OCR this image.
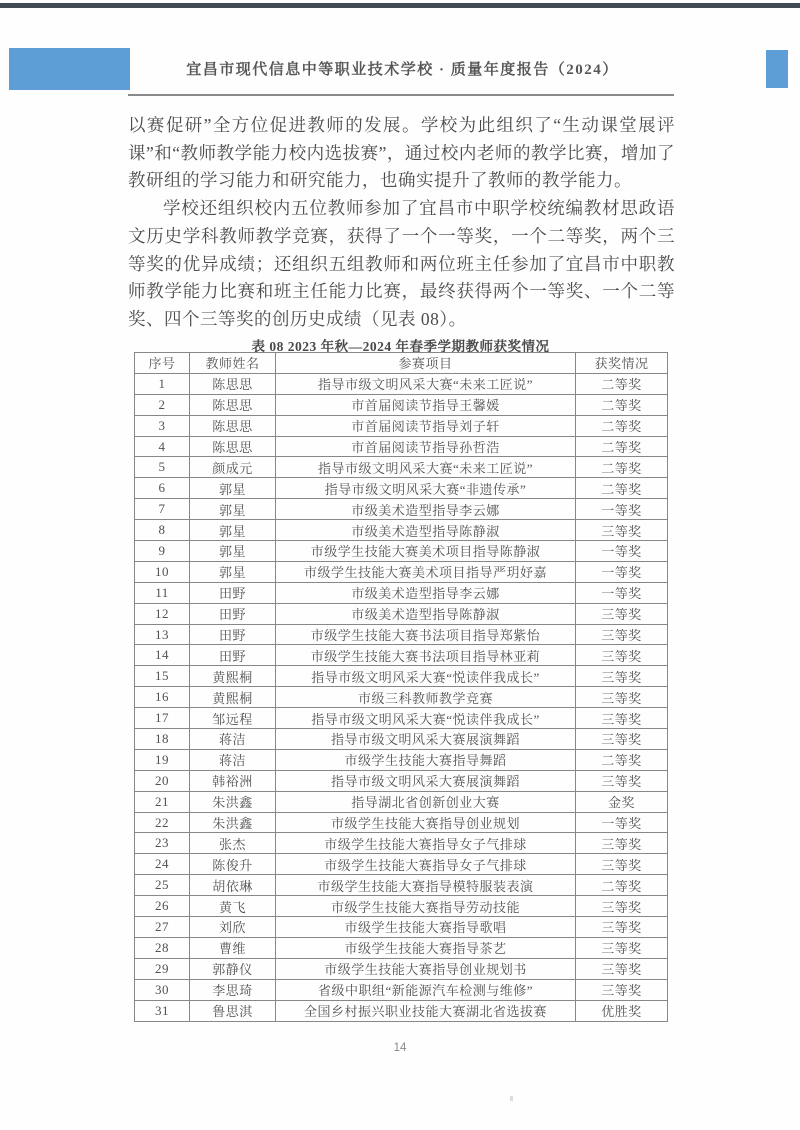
宜昌市现代信息中等职业技术学校 · 质量年度报告（2024）

以赛促研”全方位促进教师的发展。学校为此组织了“生动课堂展评课”和“教师教学能力校内选拔赛”，通过校内老师的教学比赛，增加了教研组的学习能力和研究能力，也确实提升了教师的教学能力。

学校还组织校内五位教师参加了宜昌市中职学校统编教材思政语文历史学科教师教学竞赛，获得了一个一等奖，一个二等奖，两个三等奖的优异成绩；还组织五组教师和两位班主任参加了宜昌市中职教师教学能力比赛和班主任能力比赛，最终获得两个一等奖、一个二等奖、四个三等奖的创历史成绩（见表 08）。

表 08 2023 年秋—2024 年春季学期教师获奖情况
序号	教师姓名	参赛项目	获奖情况
1	陈思思	指导市级文明风采大赛“未来工匠说”	二等奖
2	陈思思	市首届阅读节指导王馨媛	二等奖
3	陈思思	市首届阅读节指导刘子轩	二等奖
4	陈思思	市首届阅读节指导孙哲浩	二等奖
5	颜成元	指导市级文明风采大赛“未来工匠说”	二等奖
6	郭星	指导市级文明风采大赛“非遗传承”	二等奖
7	郭星	市级美术造型指导李云娜	一等奖
8	郭星	市级美术造型指导陈静淑	三等奖
9	郭星	市级学生技能大赛美术项目指导陈静淑	一等奖
10	郭星	市级学生技能大赛美术项目指导严玥妤嘉	一等奖
11	田野	市级美术造型指导李云娜	一等奖
12	田野	市级美术造型指导陈静淑	三等奖
13	田野	市级学生技能大赛书法项目指导郑紫怡	三等奖
14	田野	市级学生技能大赛书法项目指导林亚莉	三等奖
15	黄熙桐	指导市级文明风采大赛“悦读伴我成长”	三等奖
16	黄熙桐	市级三科教师教学竞赛	三等奖
17	邹远程	指导市级文明风采大赛“悦读伴我成长”	三等奖
18	蒋洁	指导市级文明风采大赛展演舞蹈	三等奖
19	蒋洁	市级学生技能大赛指导舞蹈	二等奖
20	韩裕洲	指导市级文明风采大赛展演舞蹈	三等奖
21	朱洪鑫	指导湖北省创新创业大赛	金奖
22	朱洪鑫	市级学生技能大赛指导创业规划	一等奖
23	张杰	市级学生技能大赛指导女子气排球	三等奖
24	陈俊升	市级学生技能大赛指导女子气排球	三等奖
25	胡依琳	市级学生技能大赛指导模特服装表演	二等奖
26	黄飞	市级学生技能大赛指导劳动技能	三等奖
27	刘欣	市级学生技能大赛指导歌唱	三等奖
28	曹维	市级学生技能大赛指导茶艺	三等奖
29	郭静仪	市级学生技能大赛指导创业规划书	三等奖
30	李思琦	省级中职组“新能源汽车检测与维修”	三等奖
31	鲁思淇	全国乡村振兴职业技能大赛湖北省选拔赛	优胜奖
14
